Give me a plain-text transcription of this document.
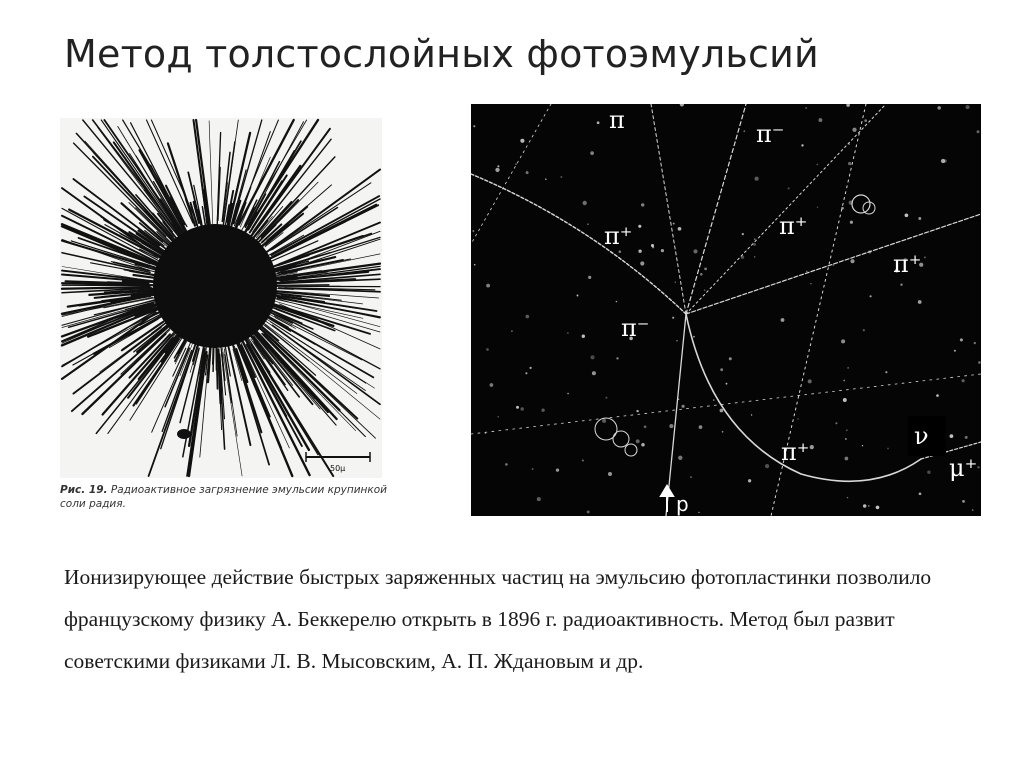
Метод толстослойных фотоэмульсий
50μ
Рис. 19. Радиоактивное загрязнение эмульсии крупинкой соли радия.
π	π⁻
π⁺	π⁺
π⁺
π⁻
π⁺
ν
μ⁺
p
Ионизирующее действие быстрых заряженных частиц на эмульсию фотопластинки позволило французскому физику А. Беккерелю открыть в 1896 г. радиоактивность. Метод был развит советскими физиками Л. В. Мысовским, А. П. Ждановым и др.
